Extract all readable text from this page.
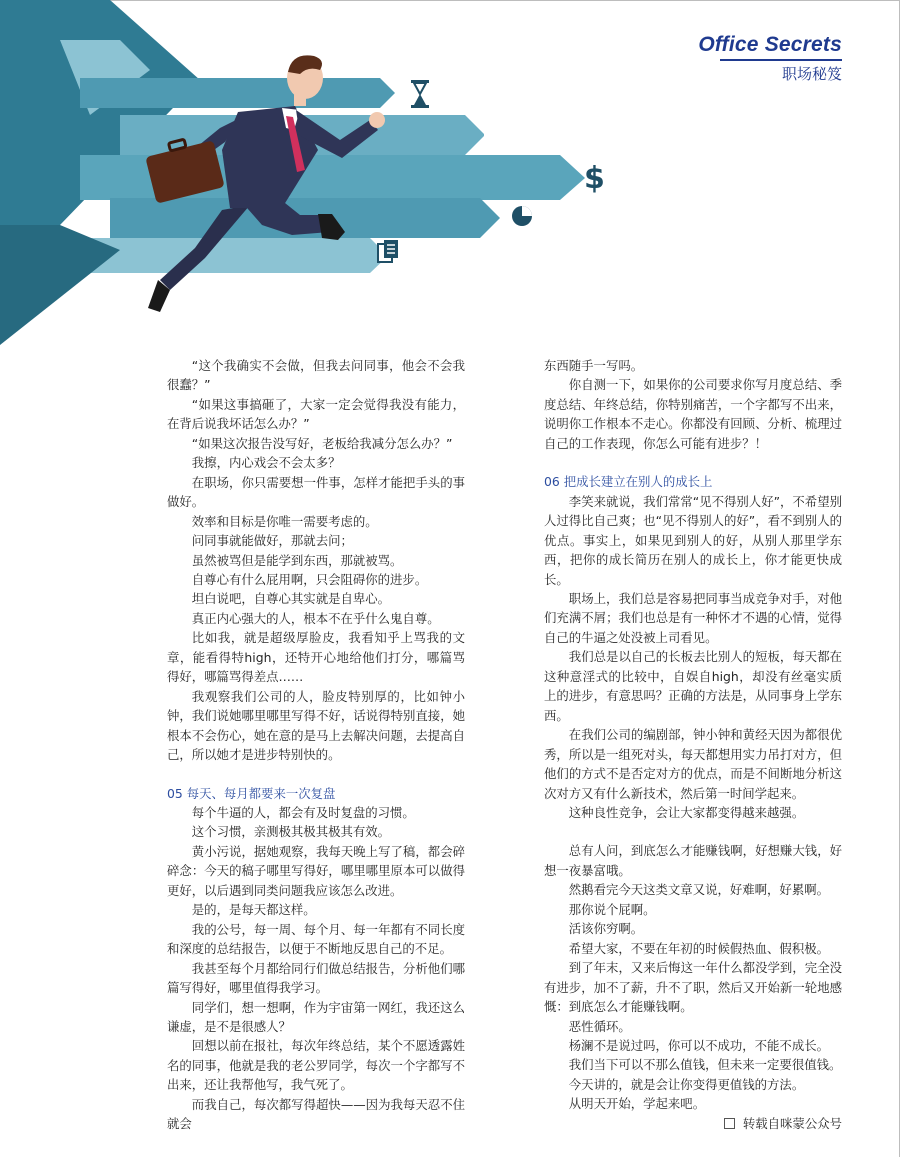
$
Office Secrets
职场秘笈

“这个我确实不会做，但我去问同事，他会不会我很蠢？”

“如果这事搞砸了，大家一定会觉得我没有能力，在背后说我坏话怎么办？”

“如果这次报告没写好，老板给我减分怎么办？”

我擦，内心戏会不会太多？

在职场，你只需要想一件事，怎样才能把手头的事做好。

效率和目标是你唯一需要考虑的。

问同事就能做好，那就去问；

虽然被骂但是能学到东西，那就被骂。

自尊心有什么屁用啊，只会阻碍你的进步。

坦白说吧，自尊心其实就是自卑心。

真正内心强大的人，根本不在乎什么鬼自尊。

比如我，就是超级厚脸皮，我看知乎上骂我的文章，能看得特high，还特开心地给他们打分，哪篇骂得好，哪篇骂得差点……

我观察我们公司的人，脸皮特别厚的，比如钟小钟，我们说她哪里哪里写得不好，话说得特别直接，她根本不会伤心，她在意的是马上去解决问题，去提高自己，所以她才是进步特别快的。

05 每天、每月都要来一次复盘

每个牛逼的人，都会有及时复盘的习惯。

这个习惯，亲测极其极其极其有效。

黄小污说，据她观察，我每天晚上写了稿，都会碎碎念：今天的稿子哪里写得好，哪里哪里原本可以做得更好，以后遇到同类问题我应该怎么改进。

是的，是每天都这样。

我的公号，每一周、每个月、每一年都有不同长度和深度的总结报告，以便于不断地反思自己的不足。

我甚至每个月都给同行们做总结报告，分析他们哪篇写得好，哪里值得我学习。

同学们，想一想啊，作为宇宙第一网红，我还这么谦虚，是不是很感人？

回想以前在报社，每次年终总结，某个不愿透露姓名的同事，他就是我的老公罗同学，每次一个字都写不出来，还让我帮他写，我气死了。

而我自己，每次都写得超快——因为我每天忍不住就会

东西随手一写吗。

你自测一下，如果你的公司要求你写月度总结、季度总结、年终总结，你特别痛苦，一个字都写不出来，说明你工作根本不走心。你都没有回顾、分析、梳理过自己的工作表现，你怎么可能有进步？！

06 把成长建立在别人的成长上

李笑来就说，我们常常“见不得别人好”，不希望别人过得比自己爽；也“见不得别人的好”，看不到别人的优点。事实上，如果见到别人的好，从别人那里学东西，把你的成长简历在别人的成长上，你才能更快成长。

职场上，我们总是容易把同事当成竞争对手，对他们充满不屑；我们也总是有一种怀才不遇的心情，觉得自己的牛逼之处没被上司看见。

我们总是以自己的长板去比别人的短板，每天都在这种意淫式的比较中，自娱自high，却没有丝毫实质上的进步，有意思吗？正确的方法是，从同事身上学东西。

在我们公司的编剧部，钟小钟和黄经天因为都很优秀，所以是一组死对头，每天都想用实力吊打对方，但他们的方式不是否定对方的优点，而是不间断地分析这次对方又有什么新技术，然后第一时间学起来。

这种良性竞争，会让大家都变得越来越强。

总有人问，到底怎么才能赚钱啊，好想赚大钱，好想一夜暴富哦。

然鹅看完今天这类文章又说，好难啊，好累啊。

那你说个屁啊。

活该你穷啊。

希望大家，不要在年初的时候假热血、假积极。

到了年末，又来后悔这一年什么都没学到，完全没有进步，加不了薪，升不了职，然后又开始新一轮地感慨：到底怎么才能赚钱啊。

恶性循环。

杨澜不是说过吗，你可以不成功，不能不成长。

我们当下可以不那么值钱，但未来一定要很值钱。

今天讲的，就是会让你变得更值钱的方法。

从明天开始，学起来吧。

转载自咪蒙公众号
